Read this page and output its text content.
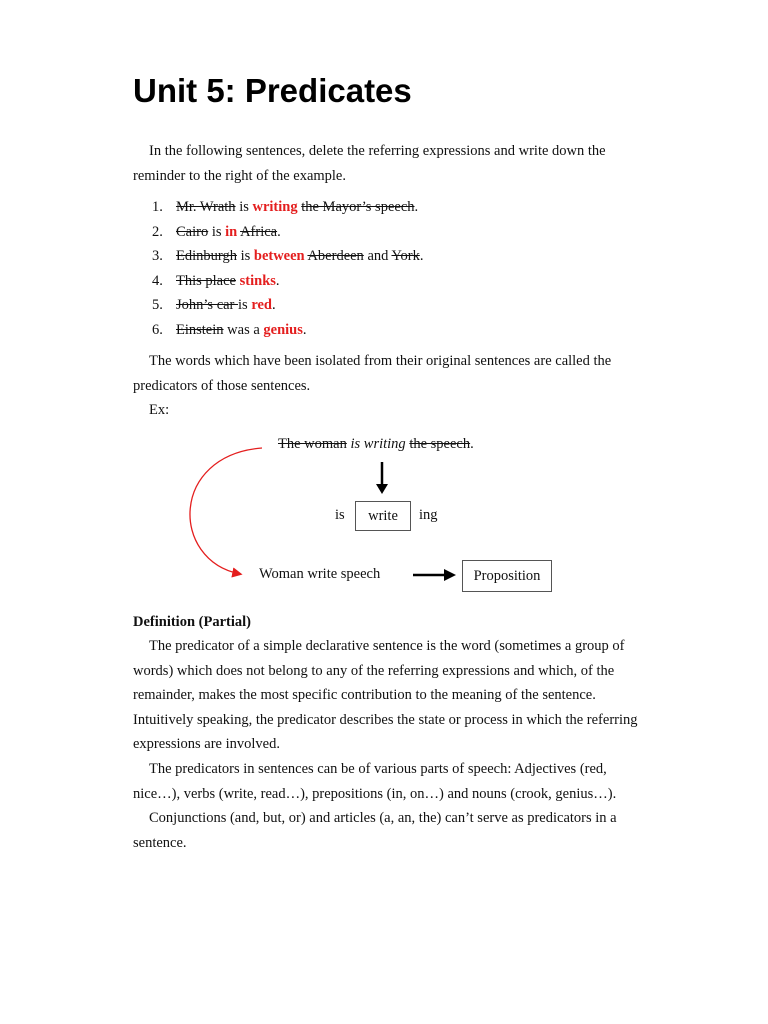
Unit 5: Predicates

In the following sentences, delete the referring expressions and write down the reminder to the right of the example.

1. Mr. Wrath is writing the Mayor’s speech.
2. Cairo is in Africa.
3. Edinburgh is between Aberdeen and York.
4. This place stinks.
5. John’s car is red.
6. Einstein was a genius.

The words which have been isolated from their original sentences are called the predicators of those sentences.

Ex:

The woman is writing the speech.
is	write	ing
Woman write speech	Proposition

Definition (Partial)

The predicator of a simple declarative sentence is the word (sometimes a group of words) which does not belong to any of the referring expressions and which, of the remainder, makes the most specific contribution to the meaning of the sentence. Intuitively speaking, the predicator describes the state or process in which the referring expressions are involved.

The predicators in sentences can be of various parts of speech: Adjectives (red, nice…), verbs (write, read…), prepositions (in, on…) and nouns (crook, genius…).

Conjunctions (and, but, or) and articles (a, an, the) can’t serve as predicators in a sentence.
